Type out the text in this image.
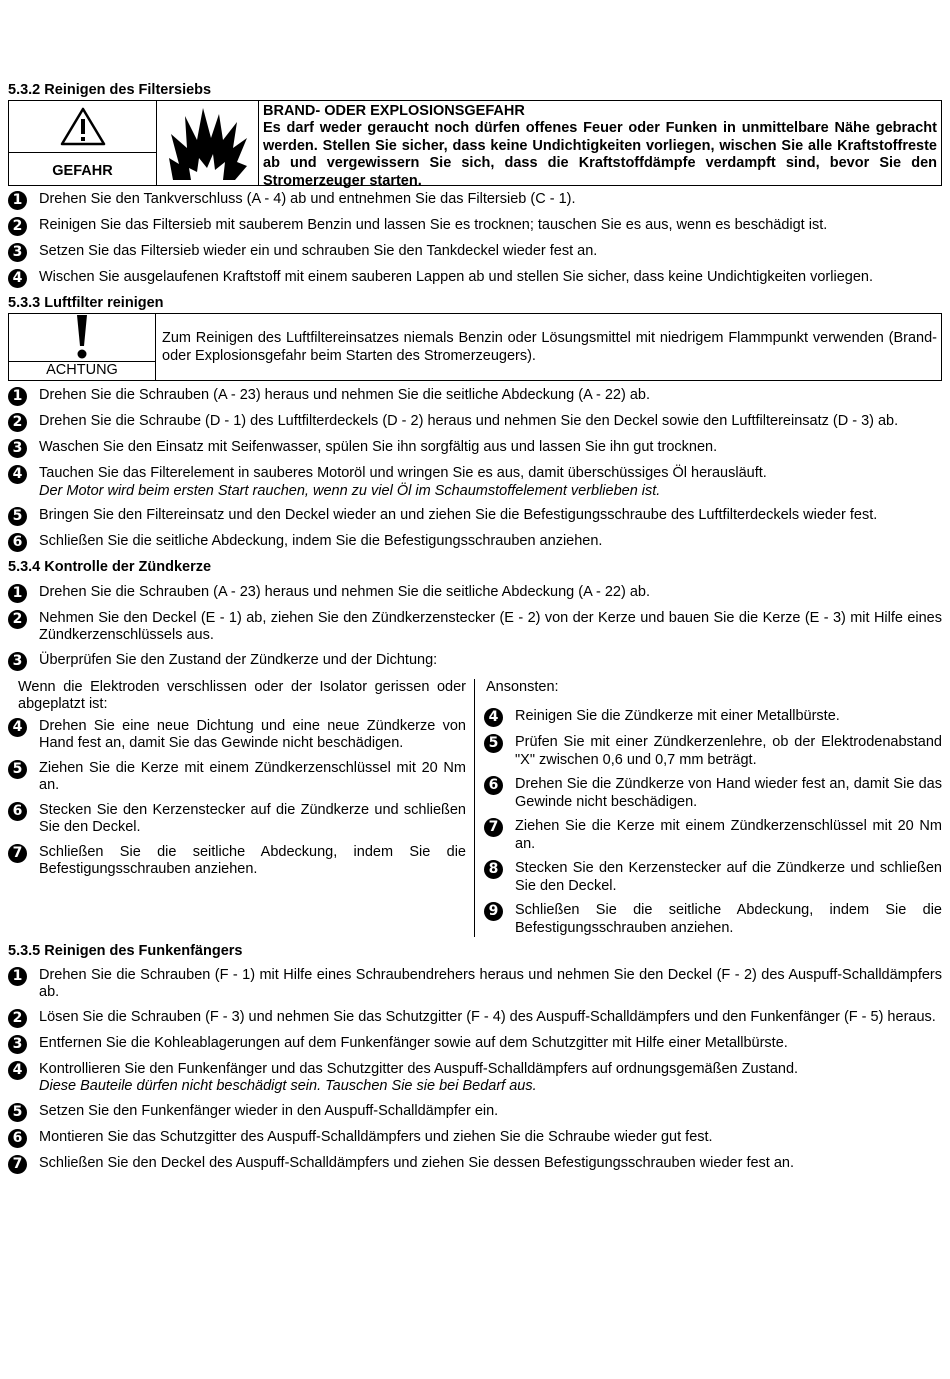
5.3.2 Reinigen des Filtersiebs
GEFAHR
BRAND- ODER EXPLOSIONSGEFAHR
Es darf weder geraucht noch dürfen offenes Feuer oder Funken in unmittelbare Nähe gebracht werden. Stellen Sie sicher, dass keine Undichtigkeiten vorliegen, wischen Sie alle Kraftstoffreste ab und vergewissern Sie sich, dass die Kraftstoffdämpfe verdampft sind, bevor Sie den Stromerzeuger starten.
1	Drehen Sie den Tankverschluss (A - 4) ab und entnehmen Sie das Filtersieb (C - 1).
2	Reinigen Sie das Filtersieb mit sauberem Benzin und lassen Sie es trocknen; tauschen Sie es aus, wenn es beschädigt ist.
3	Setzen Sie das Filtersieb wieder ein und schrauben Sie den Tankdeckel wieder fest an.
4	Wischen Sie ausgelaufenen Kraftstoff mit einem sauberen Lappen ab und stellen Sie sicher, dass keine Undichtigkeiten vorliegen.
5.3.3 Luftfilter reinigen
ACHTUNG
Zum Reinigen des Luftfiltereinsatzes niemals Benzin oder Lösungsmittel mit niedrigem Flammpunkt verwenden (Brand- oder Explosionsgefahr beim Starten des Stromerzeugers).
1	Drehen Sie die Schrauben (A - 23) heraus und nehmen Sie die seitliche Abdeckung (A - 22) ab.
2	Drehen Sie die Schraube (D - 1) des Luftfilterdeckels (D - 2) heraus und nehmen Sie den Deckel sowie den Luftfiltereinsatz (D - 3) ab.
3	Waschen Sie den Einsatz mit Seifenwasser, spülen Sie ihn sorgfältig aus und lassen Sie ihn gut trocknen.
4	Tauchen Sie das Filterelement in sauberes Motoröl und wringen Sie es aus, damit überschüssiges Öl herausläuft.
Der Motor wird beim ersten Start rauchen, wenn zu viel Öl im Schaumstoffelement verblieben ist.
5	Bringen Sie den Filtereinsatz und den Deckel wieder an und ziehen Sie die Befestigungsschraube des Luftfilterdeckels wieder fest.
6	Schließen Sie die seitliche Abdeckung, indem Sie die Befestigungsschrauben anziehen.
5.3.4 Kontrolle der Zündkerze
1	Drehen Sie die Schrauben (A - 23) heraus und nehmen Sie die seitliche Abdeckung (A - 22) ab.
2	Nehmen Sie den Deckel (E - 1) ab, ziehen Sie den Zündkerzenstecker (E - 2) von der Kerze und bauen Sie die Kerze (E - 3) mit Hilfe eines Zündkerzenschlüssels aus.
3	Überprüfen Sie den Zustand der Zündkerze und der Dichtung:
Wenn die Elektroden verschlissen oder der Isolator gerissen oder abgeplatzt ist:
4	Drehen Sie eine neue Dichtung und eine neue Zündkerze von Hand fest an, damit Sie das Gewinde nicht beschädigen.
5	Ziehen Sie die Kerze mit einem Zündkerzenschlüssel mit 20 Nm an.
6	Stecken Sie den Kerzenstecker auf die Zündkerze und schließen Sie den Deckel.
7	Schließen Sie die seitliche Abdeckung, indem Sie die Befestigungsschrauben anziehen.
Ansonsten:
4	Reinigen Sie die Zündkerze mit einer Metallbürste.
5	Prüfen Sie mit einer Zündkerzenlehre, ob der Elektrodenabstand "X" zwischen 0,6 und 0,7 mm beträgt.
6	Drehen Sie die Zündkerze von Hand wieder fest an, damit Sie das Gewinde nicht beschädigen.
7	Ziehen Sie die Kerze mit einem Zündkerzenschlüssel mit 20 Nm an.
8	Stecken Sie den Kerzenstecker auf die Zündkerze und schließen Sie den Deckel.
9	Schließen Sie die seitliche Abdeckung, indem Sie die Befestigungsschrauben anziehen.
5.3.5 Reinigen des Funkenfängers
1	Drehen Sie die Schrauben (F - 1) mit Hilfe eines Schraubendrehers heraus und nehmen Sie den Deckel (F - 2) des Auspuff-Schalldämpfers ab.
2	Lösen Sie die Schrauben (F - 3) und nehmen Sie das Schutzgitter (F - 4) des Auspuff-Schalldämpfers und den Funkenfänger (F - 5) heraus.
3	Entfernen Sie die Kohleablagerungen auf dem Funkenfänger sowie auf dem Schutzgitter mit Hilfe einer Metallbürste.
4	Kontrollieren Sie den Funkenfänger und das Schutzgitter des Auspuff-Schalldämpfers auf ordnungsgemäßen Zustand.
Diese Bauteile dürfen nicht beschädigt sein. Tauschen Sie sie bei Bedarf aus.
5	Setzen Sie den Funkenfänger wieder in den Auspuff-Schalldämpfer ein.
6	Montieren Sie das Schutzgitter des Auspuff-Schalldämpfers und ziehen Sie die Schraube wieder gut fest.
7	Schließen Sie den Deckel des Auspuff-Schalldämpfers und ziehen Sie dessen Befestigungsschrauben wieder fest an.
